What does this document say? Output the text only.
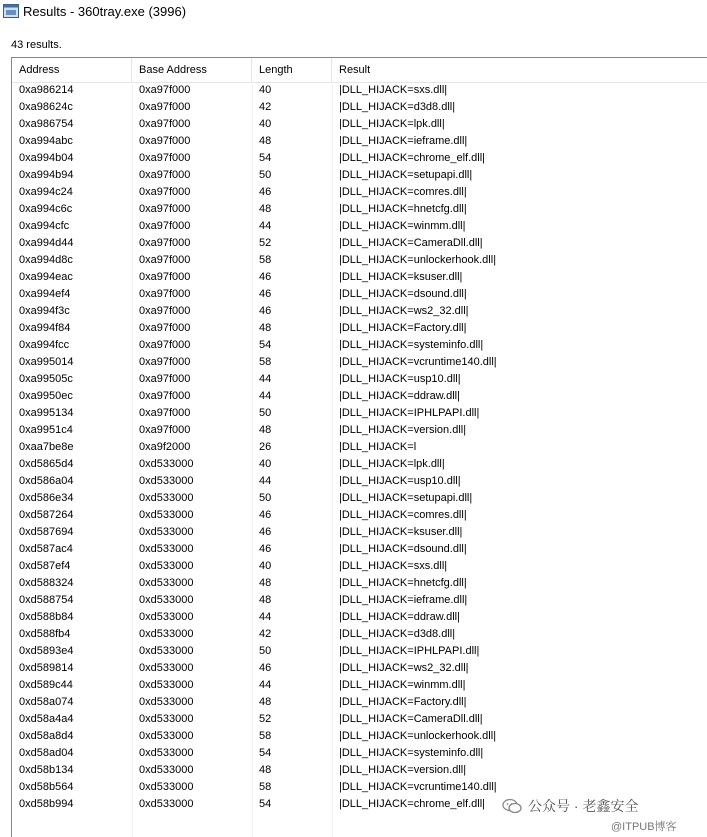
Results - 360tray.exe (3996)
43 results.
Address	Base Address	Length	Result
0xa986214	0xa97f000	40	|DLL_HIJACK=sxs.dll|
0xa98624c	0xa97f000	42	|DLL_HIJACK=d3d8.dll|
0xa986754	0xa97f000	40	|DLL_HIJACK=lpk.dll|
0xa994abc	0xa97f000	48	|DLL_HIJACK=ieframe.dll|
0xa994b04	0xa97f000	54	|DLL_HIJACK=chrome_elf.dll|
0xa994b94	0xa97f000	50	|DLL_HIJACK=setupapi.dll|
0xa994c24	0xa97f000	46	|DLL_HIJACK=comres.dll|
0xa994c6c	0xa97f000	48	|DLL_HIJACK=hnetcfg.dll|
0xa994cfc	0xa97f000	44	|DLL_HIJACK=winmm.dll|
0xa994d44	0xa97f000	52	|DLL_HIJACK=CameraDll.dll|
0xa994d8c	0xa97f000	58	|DLL_HIJACK=unlockerhook.dll|
0xa994eac	0xa97f000	46	|DLL_HIJACK=ksuser.dll|
0xa994ef4	0xa97f000	46	|DLL_HIJACK=dsound.dll|
0xa994f3c	0xa97f000	46	|DLL_HIJACK=ws2_32.dll|
0xa994f84	0xa97f000	48	|DLL_HIJACK=Factory.dll|
0xa994fcc	0xa97f000	54	|DLL_HIJACK=systeminfo.dll|
0xa995014	0xa97f000	58	|DLL_HIJACK=vcruntime140.dll|
0xa99505c	0xa97f000	44	|DLL_HIJACK=usp10.dll|
0xa9950ec	0xa97f000	44	|DLL_HIJACK=ddraw.dll|
0xa995134	0xa97f000	50	|DLL_HIJACK=IPHLPAPI.dll|
0xa9951c4	0xa97f000	48	|DLL_HIJACK=version.dll|
0xaa7be8e	0xa9f2000	26	|DLL_HIJACK=l
0xd5865d4	0xd533000	40	|DLL_HIJACK=lpk.dll|
0xd586a04	0xd533000	44	|DLL_HIJACK=usp10.dll|
0xd586e34	0xd533000	50	|DLL_HIJACK=setupapi.dll|
0xd587264	0xd533000	46	|DLL_HIJACK=comres.dll|
0xd587694	0xd533000	46	|DLL_HIJACK=ksuser.dll|
0xd587ac4	0xd533000	46	|DLL_HIJACK=dsound.dll|
0xd587ef4	0xd533000	40	|DLL_HIJACK=sxs.dll|
0xd588324	0xd533000	48	|DLL_HIJACK=hnetcfg.dll|
0xd588754	0xd533000	48	|DLL_HIJACK=ieframe.dll|
0xd588b84	0xd533000	44	|DLL_HIJACK=ddraw.dll|
0xd588fb4	0xd533000	42	|DLL_HIJACK=d3d8.dll|
0xd5893e4	0xd533000	50	|DLL_HIJACK=IPHLPAPI.dll|
0xd589814	0xd533000	46	|DLL_HIJACK=ws2_32.dll|
0xd589c44	0xd533000	44	|DLL_HIJACK=winmm.dll|
0xd58a074	0xd533000	48	|DLL_HIJACK=Factory.dll|
0xd58a4a4	0xd533000	52	|DLL_HIJACK=CameraDll.dll|
0xd58a8d4	0xd533000	58	|DLL_HIJACK=unlockerhook.dll|
0xd58ad04	0xd533000	54	|DLL_HIJACK=systeminfo.dll|
0xd58b134	0xd533000	48	|DLL_HIJACK=version.dll|
0xd58b564	0xd533000	58	|DLL_HIJACK=vcruntime140.dll|
0xd58b994	0xd533000	54	|DLL_HIJACK=chrome_elf.dll|	公众号 · 老鑫安全
@ITPUB博客
